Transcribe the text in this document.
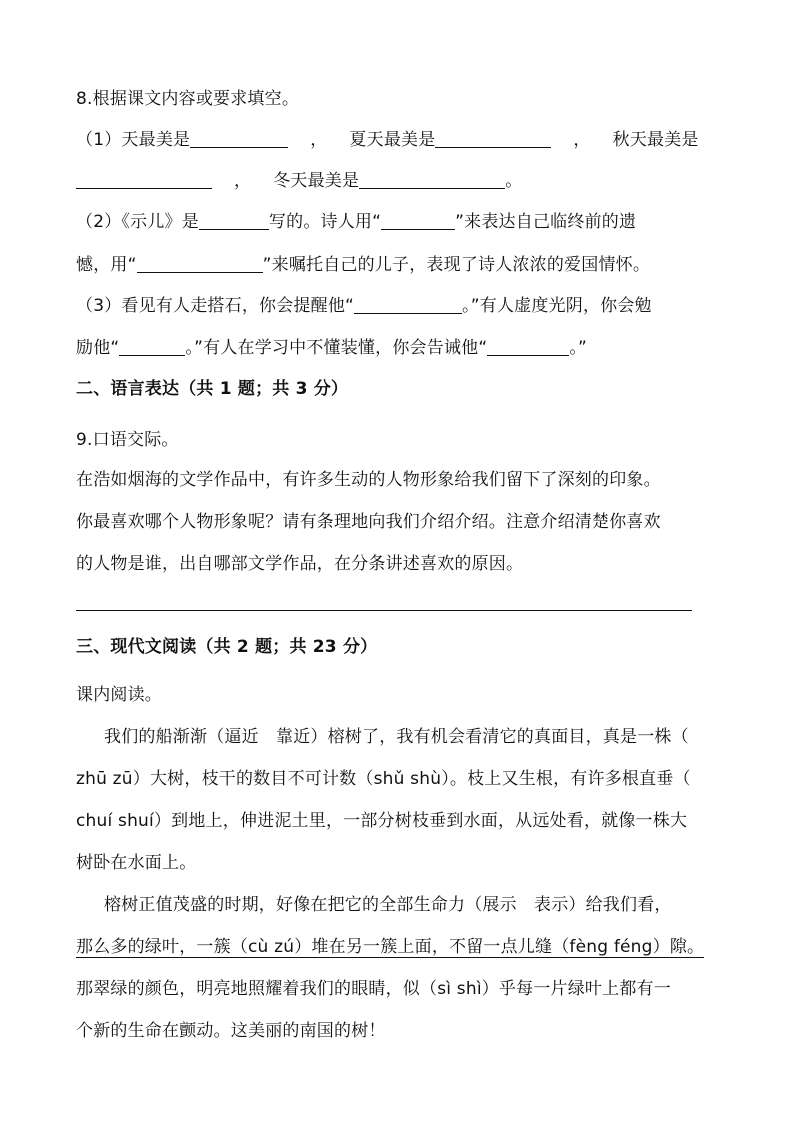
8.根据课文内容或要求填空。
（1）天最美是	， 夏天最美是	， 秋天最美是
， 冬天最美是	。
（2）《示儿》是	写的。诗人用“	”来表达自己临终前的遗
憾，用“	”来嘱托自己的儿子，表现了诗人浓浓的爱国情怀。
（3）看见有人走搭石，你会提醒他“	。”有人虚度光阴，你会勉
励他“	。”有人在学习中不懂装懂，你会告诫他“	。”
二、语言表达（共 1 题；共 3 分）
9.口语交际。
在浩如烟海的文学作品中，有许多生动的人物形象给我们留下了深刻的印象。
你最喜欢哪个人物形象呢？请有条理地向我们介绍介绍。注意介绍清楚你喜欢
的人物是谁，出自哪部文学作品，在分条讲述喜欢的原因。
三、现代文阅读（共 2 题；共 23 分）
课内阅读。
我们的船渐渐（逼近　靠近）榕树了，我有机会看清它的真面目，真是一株（
zhū zū）大树，枝干的数目不可计数（shǔ shù）。枝上又生根，有许多根直垂（
chuí shuí）到地上，伸进泥土里，一部分树枝垂到水面，从远处看，就像一株大
树卧在水面上。
榕树正值茂盛的时期，好像在把它的全部生命力（展示　表示）给我们看，
那么多的绿叶，一簇（cù zú）堆在另一簇上面，不留一点儿缝（fèng féng）隙。
那翠绿的颜色，明亮地照耀着我们的眼睛，似（sì shì）乎每一片绿叶上都有一
个新的生命在颤动。这美丽的南国的树！
